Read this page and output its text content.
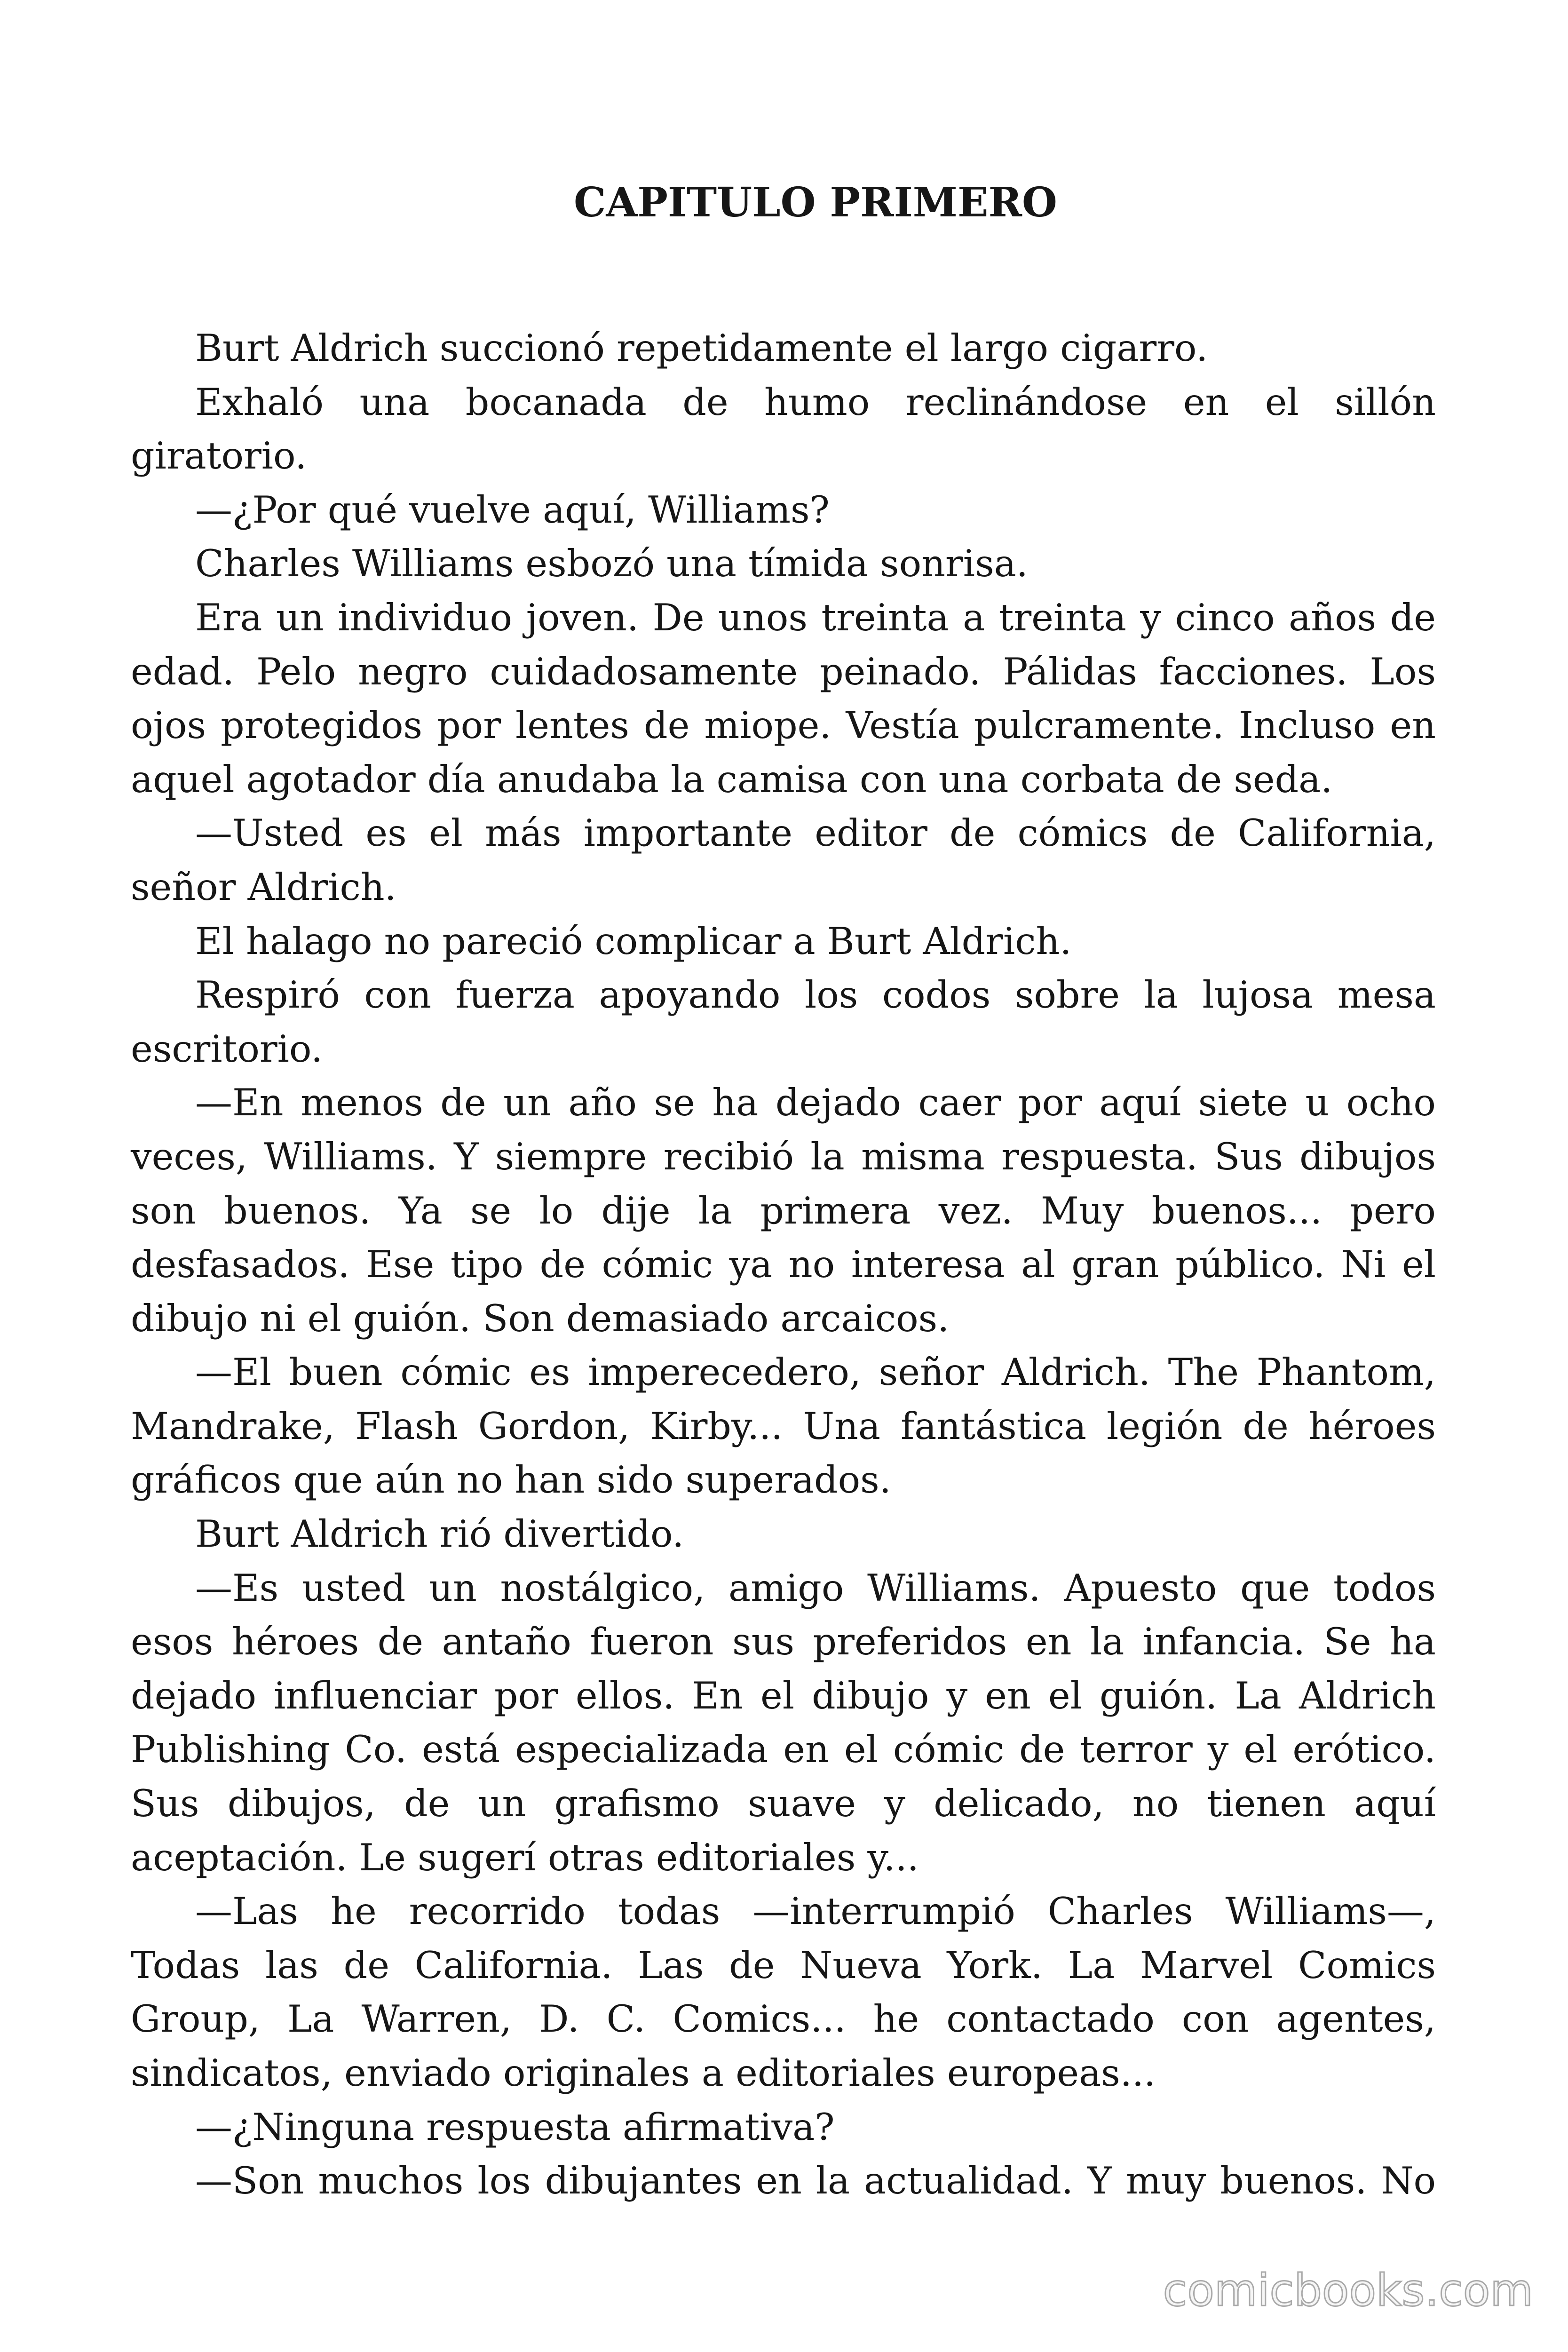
CAPITULO PRIMERO
Burt Aldrich succionó repetidamente el largo cigarro.
Exhaló una bocanada de humo reclinándose en el sillón
giratorio.
—¿Por qué vuelve aquí, Williams?
Charles Williams esbozó una tímida sonrisa.
Era un individuo joven. De unos treinta a treinta y cinco años de
edad. Pelo negro cuidadosamente peinado. Pálidas facciones. Los
ojos protegidos por lentes de miope. Vestía pulcramente. Incluso en
aquel agotador día anudaba la camisa con una corbata de seda.
—Usted es el más importante editor de cómics de California,
señor Aldrich.
El halago no pareció complicar a Burt Aldrich.
Respiró con fuerza apoyando los codos sobre la lujosa mesa
escritorio.
—En menos de un año se ha dejado caer por aquí siete u ocho
veces, Williams. Y siempre recibió la misma respuesta. Sus dibujos
son buenos. Ya se lo dije la primera vez. Muy buenos... pero
desfasados. Ese tipo de cómic ya no interesa al gran público. Ni el
dibujo ni el guión. Son demasiado arcaicos.
—El buen cómic es imperecedero, señor Aldrich. The Phantom,
Mandrake, Flash Gordon, Kirby... Una fantástica legión de héroes
gráficos que aún no han sido superados.
Burt Aldrich rió divertido.
—Es usted un nostálgico, amigo Williams. Apuesto que todos
esos héroes de antaño fueron sus preferidos en la infancia. Se ha
dejado influenciar por ellos. En el dibujo y en el guión. La Aldrich
Publishing Co. está especializada en el cómic de terror y el erótico.
Sus dibujos, de un grafismo suave y delicado, no tienen aquí
aceptación. Le sugerí otras editoriales y...
—Las he recorrido todas —interrumpió Charles Williams—,
Todas las de California. Las de Nueva York. La Marvel Comics
Group, La Warren, D. C. Comics... he contactado con agentes,
sindicatos, enviado originales a editoriales europeas...
—¿Ninguna respuesta afirmativa?
—Son muchos los dibujantes en la actualidad. Y muy buenos. No
comicbooks.com
